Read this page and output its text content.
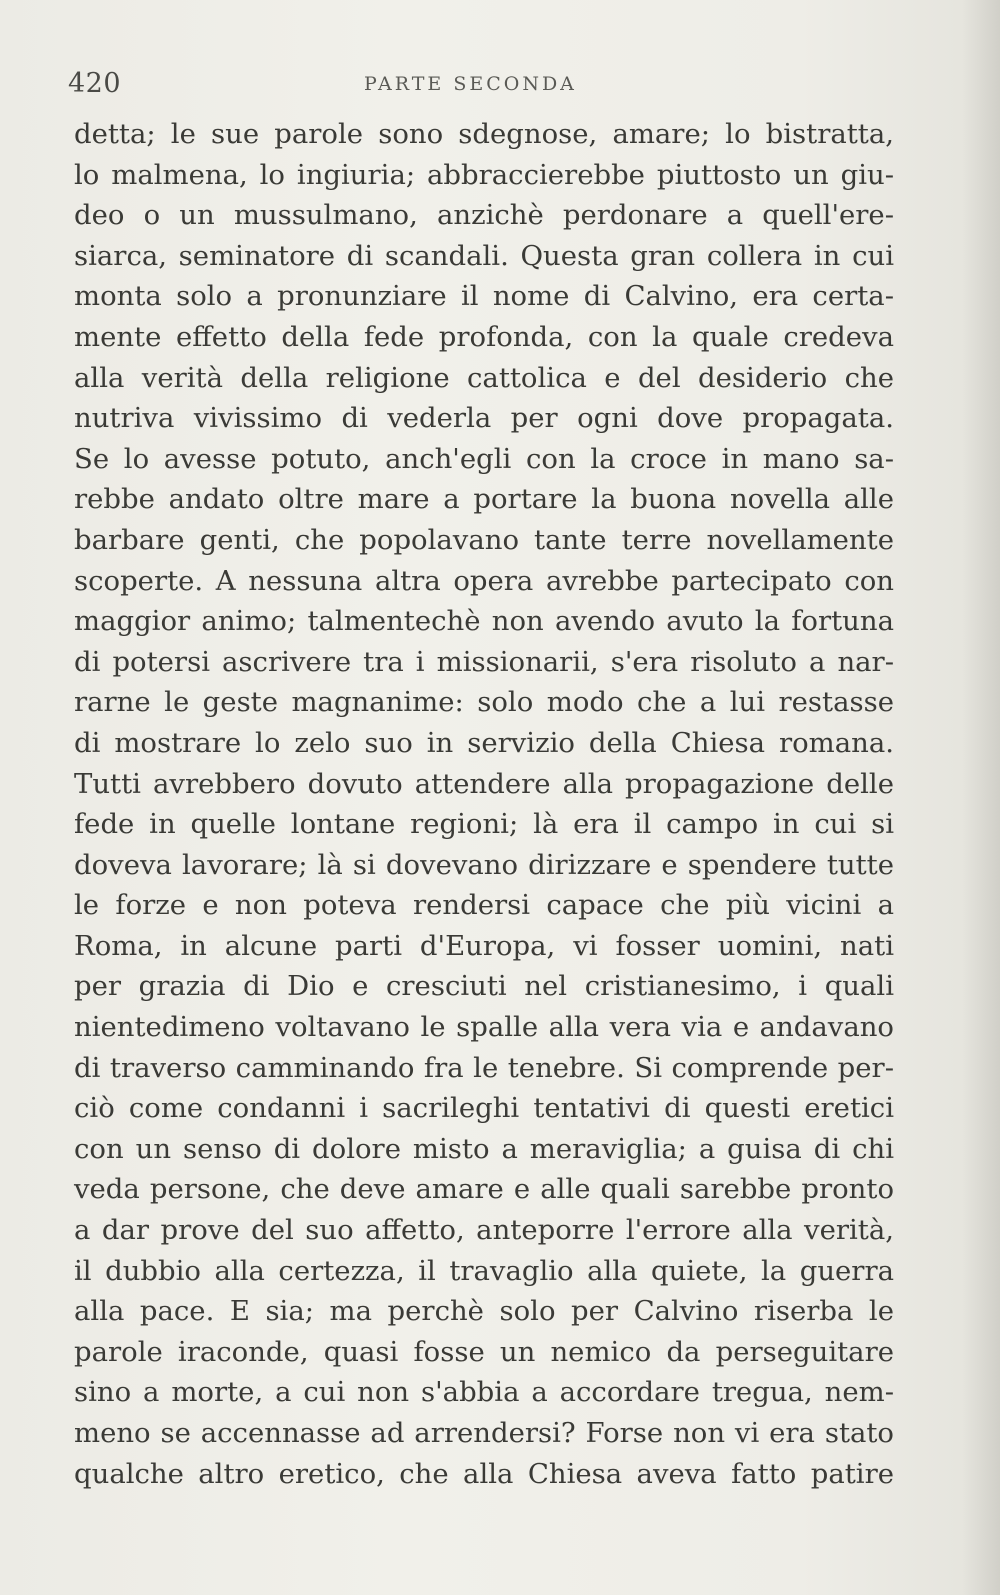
420	PARTE SECONDA
detta; le sue parole sono sdegnose, amare; lo bistratta,
lo malmena, lo ingiuria; abbraccierebbe piuttosto un giu-
deo o un mussulmano, anzichè perdonare a quell'ere-
siarca, seminatore di scandali. Questa gran collera in cui
monta solo a pronunziare il nome di Calvino, era certa-
mente effetto della fede profonda, con la quale credeva
alla verità della religione cattolica e del desiderio che
nutriva vivissimo di vederla per ogni dove propagata.
Se lo avesse potuto, anch'egli con la croce in mano sa-
rebbe andato oltre mare a portare la buona novella alle
barbare genti, che popolavano tante terre novellamente
scoperte. A nessuna altra opera avrebbe partecipato con
maggior animo; talmentechè non avendo avuto la fortuna
di potersi ascrivere tra i missionarii, s'era risoluto a nar-
rarne le geste magnanime: solo modo che a lui restasse
di mostrare lo zelo suo in servizio della Chiesa romana.
Tutti avrebbero dovuto attendere alla propagazione delle
fede in quelle lontane regioni; là era il campo in cui si
doveva lavorare; là si dovevano dirizzare e spendere tutte
le forze e non poteva rendersi capace che più vicini a
Roma, in alcune parti d'Europa, vi fosser uomini, nati
per grazia di Dio e cresciuti nel cristianesimo, i quali
nientedimeno voltavano le spalle alla vera via e andavano
di traverso camminando fra le tenebre. Si comprende per-
ciò come condanni i sacrileghi tentativi di questi eretici
con un senso di dolore misto a meraviglia; a guisa di chi
veda persone, che deve amare e alle quali sarebbe pronto
a dar prove del suo affetto, anteporre l'errore alla verità,
il dubbio alla certezza, il travaglio alla quiete, la guerra
alla pace. E sia; ma perchè solo per Calvino riserba le
parole iraconde, quasi fosse un nemico da perseguitare
sino a morte, a cui non s'abbia a accordare tregua, nem-
meno se accennasse ad arrendersi? Forse non vi era stato
qualche altro eretico, che alla Chiesa aveva fatto patire
